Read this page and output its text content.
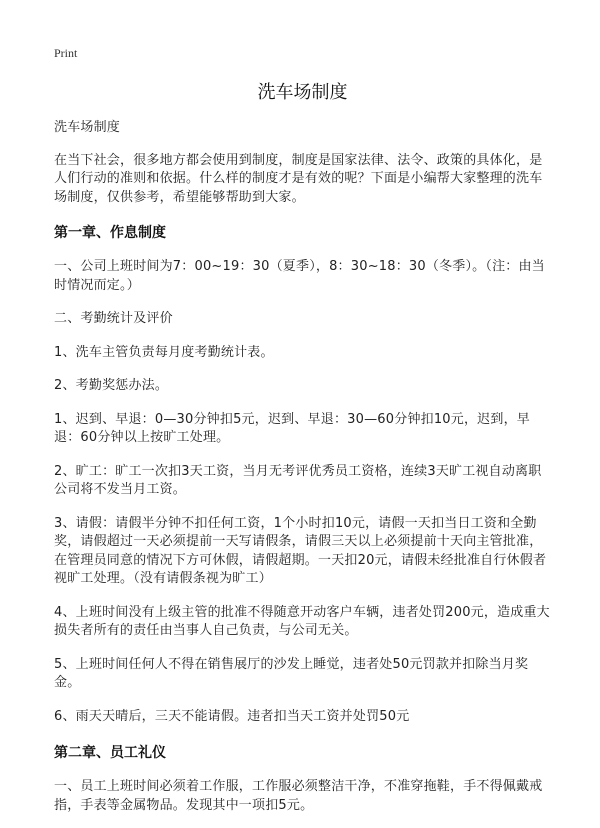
Print
洗车场制度

洗车场制度

在当下社会，很多地方都会使用到制度，制度是国家法律、法令、政策的具体化，是人们行动的准则和依据。什么样的制度才是有效的呢？下面是小编帮大家整理的洗车场制度，仅供参考，希望能够帮助到大家。

第一章、作息制度

一、公司上班时间为7：00~19：30（夏季），8：30~18：30（冬季）。（注：由当时情况而定。）

二、考勤统计及评价

1、洗车主管负责每月度考勤统计表。

2、考勤奖惩办法。

1、迟到、早退：0—30分钟扣5元，迟到、早退：30—60分钟扣10元，迟到，早退：60分钟以上按旷工处理。

2、旷工：旷工一次扣3天工资，当月无考评优秀员工资格，连续3天旷工视自动离职公司将不发当月工资。

3、请假：请假半分钟不扣任何工资，1个小时扣10元，请假一天扣当日工资和全勤奖，请假超过一天必须提前一天写请假条，请假三天以上必须提前十天向主管批准，在管理员同意的情况下方可休假，请假超期。一天扣20元，请假未经批准自行休假者视旷工处理。（没有请假条视为旷工）

4、上班时间没有上级主管的批准不得随意开动客户车辆，违者处罚200元，造成重大损失者所有的责任由当事人自己负责，与公司无关。

5、上班时间任何人不得在销售展厅的沙发上睡觉，违者处50元罚款并扣除当月奖金。

6、雨天天晴后，三天不能请假。违者扣当天工资并处罚50元

第二章、员工礼仪

一、员工上班时间必须着工作服，工作服必须整洁干净，不准穿拖鞋，手不得佩戴戒指，手表等金属物品。发现其中一项扣5元。
